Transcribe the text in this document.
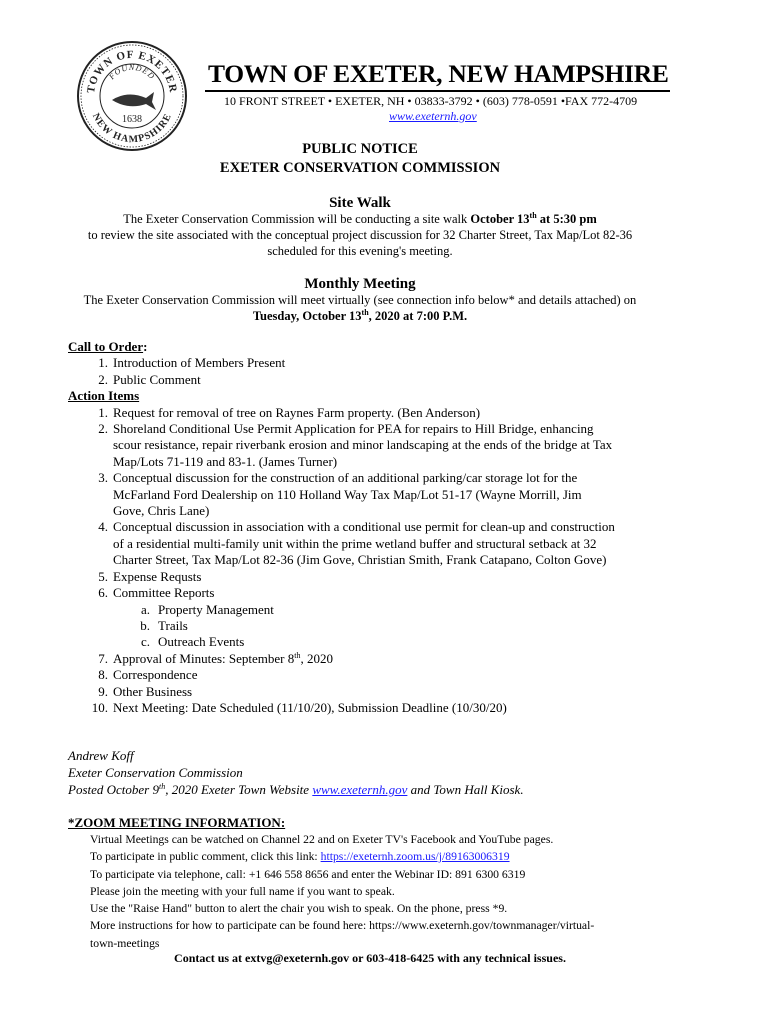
TOWN OF EXETER
NEW HAMPSHIRE
FOUNDED
1638
TOWN OF EXETER, NEW HAMPSHIRE
10 FRONT STREET • EXETER, NH • 03833-3792 • (603) 778-0591 •FAX 772-4709
www.exeternh.gov
PUBLIC NOTICE
EXETER CONSERVATION COMMISSION
Site Walk
The Exeter Conservation Commission will be conducting a site walk October 13th at 5:30 pm
to review the site associated with the conceptual project discussion for 32 Charter Street, Tax Map/Lot 82-36
scheduled for this evening's meeting.
Monthly Meeting
The Exeter Conservation Commission will meet virtually (see connection info below* and details attached) on
Tuesday, October 13th, 2020 at 7:00 P.M.
Call to Order:
1. Introduction of Members Present
2. Public Comment
Action Items
1. Request for removal of tree on Raynes Farm property. (Ben Anderson)
2. Shoreland Conditional Use Permit Application for PEA for repairs to Hill Bridge, enhancing
scour resistance, repair riverbank erosion and minor landscaping at the ends of the bridge at Tax
Map/Lots 71-119 and 83-1. (James Turner)
3. Conceptual discussion for the construction of an additional parking/car storage lot for the
McFarland Ford Dealership on 110 Holland Way Tax Map/Lot 51-17 (Wayne Morrill, Jim
Gove, Chris Lane)
4. Conceptual discussion in association with a conditional use permit for clean-up and construction
of a residential multi-family unit within the prime wetland buffer and structural setback at 32
Charter Street, Tax Map/Lot 82-36 (Jim Gove, Christian Smith, Frank Catapano, Colton Gove)
5. Expense Requsts
6. Committee Reports
a. Property Management
b. Trails
c. Outreach Events
7. Approval of Minutes: September 8th, 2020
8. Correspondence
9. Other Business
10. Next Meeting: Date Scheduled (11/10/20), Submission Deadline (10/30/20)
Andrew Koff
Exeter Conservation Commission
Posted October 9th, 2020 Exeter Town Website www.exeternh.gov and Town Hall Kiosk.
*ZOOM MEETING INFORMATION:
Virtual Meetings can be watched on Channel 22 and on Exeter TV's Facebook and YouTube pages.
To participate in public comment, click this link: https://exeternh.zoom.us/j/89163006319
To participate via telephone, call: +1 646 558 8656 and enter the Webinar ID: 891 6300 6319
Please join the meeting with your full name if you want to speak.
Use the "Raise Hand" button to alert the chair you wish to speak. On the phone, press *9.
More instructions for how to participate can be found here: https://www.exeternh.gov/townmanager/virtual-
town-meetings
Contact us at extvg@exeternh.gov or 603-418-6425 with any technical issues.
